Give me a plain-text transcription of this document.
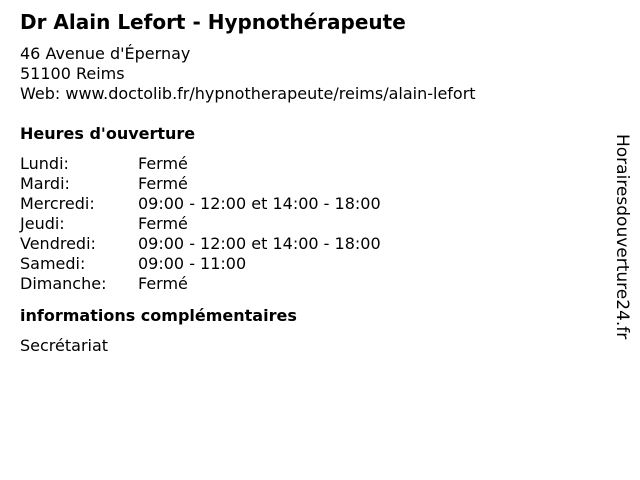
Dr Alain Lefort - Hypnothérapeute
46 Avenue d'Épernay
51100 Reims
Web: www.doctolib.fr/hypnotherapeute/reims/alain-lefort
Heures d'ouverture
Lundi:	Fermé
Mardi:	Fermé
Mercredi:	09:00 - 12:00 et 14:00 - 18:00
Jeudi:	Fermé
Vendredi:	09:00 - 12:00 et 14:00 - 18:00
Samedi:	09:00 - 11:00
Dimanche:	Fermé
informations complémentaires
Secrétariat
Horairesdouverture24.fr
